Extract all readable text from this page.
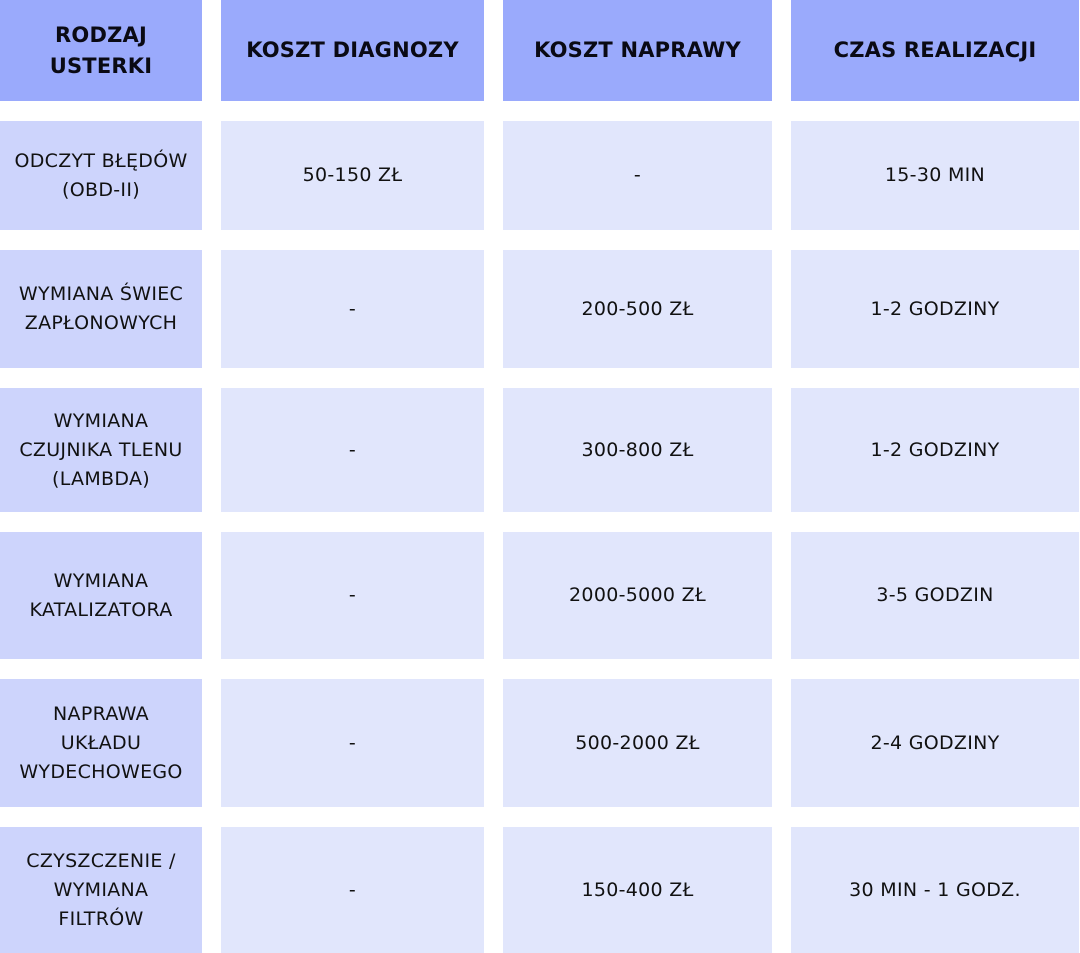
RODZAJ
USTERKI
KOSZT DIAGNOZY	KOSZT NAPRAWY	CZAS REALIZACJI
ODCZYT BŁĘDÓW
(OBD-II)
50-150 ZŁ	-	15-30 MIN
WYMIANA ŚWIEC
ZAPŁONOWYCH
-	200-500 ZŁ	1-2 GODZINY
WYMIANA
CZUJNIKA TLENU
(LAMBDA)
-	300-800 ZŁ	1-2 GODZINY
WYMIANA
KATALIZATORA
-	2000-5000 ZŁ	3-5 GODZIN
NAPRAWA
UKŁADU
WYDECHOWEGO
-	500-2000 ZŁ	2-4 GODZINY
CZYSZCZENIE /
WYMIANA
FILTRÓW
-	150-400 ZŁ	30 MIN - 1 GODZ.
